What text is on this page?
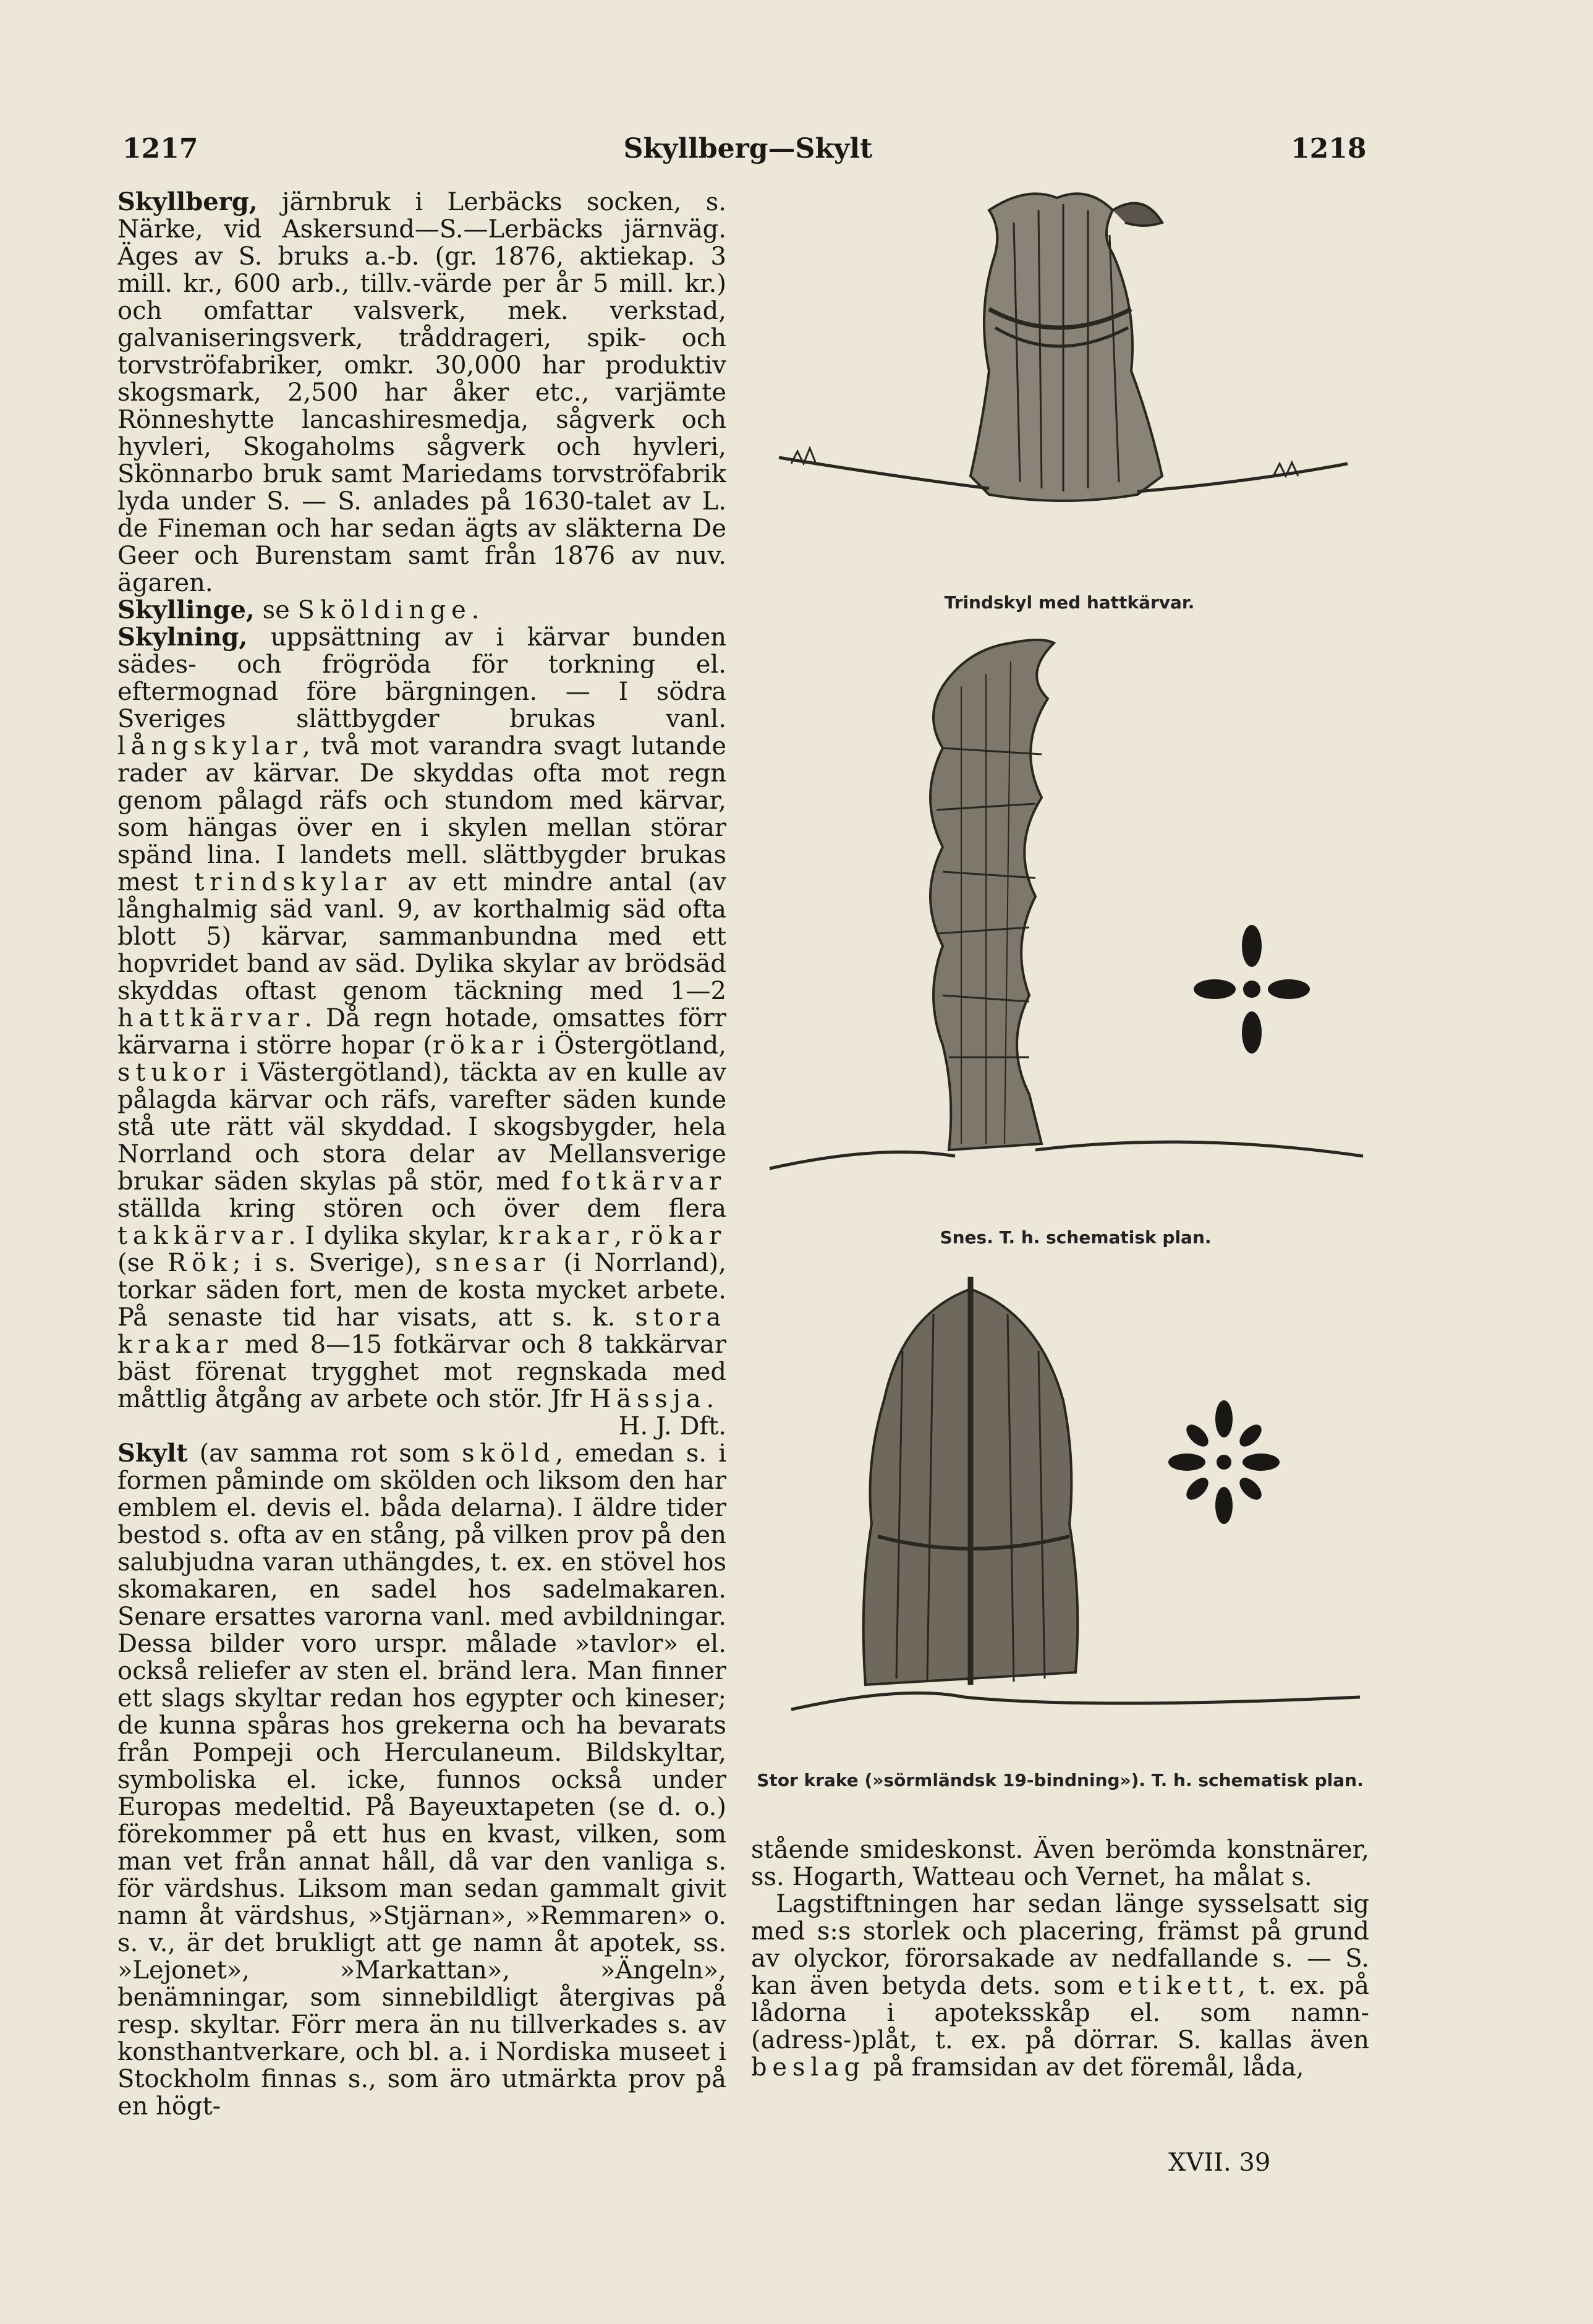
1217	Skyllberg—Skylt	1218

Skyllberg, järnbruk i Lerbäcks socken, s. Närke, vid Askersund—S.—Lerbäcks järnväg. Äges av S. bruks a.-b. (gr. 1876, aktiekap. 3 mill. kr., 600 arb., tillv.-värde per år 5 mill. kr.) och omfattar valsverk, mek. verkstad, galvaniseringsverk, tråddrageri, spik- och torvströfabriker, omkr. 30,000 har produktiv skogsmark, 2,500 har åker etc., varjämte Rönneshytte lancashiresmedja, sågverk och hyvleri, Skogaholms sågverk och hyvleri, Skönnarbo bruk samt Mariedams torvströfabrik lyda under S. — S. anlades på 1630-talet av L. de Fineman och har sedan ägts av släkterna De Geer och Burenstam samt från 1876 av nuv. ägaren.

Skyllinge, se Sköldinge.

Skylning, uppsättning av i kärvar bunden sädes- och frögröda för torkning el. eftermognad före bärgningen. — I södra Sveriges slättbygder brukas vanl. långskylar, två mot varandra svagt lutande rader av kärvar. De skyddas ofta mot regn genom pålagd räfs och stundom med kärvar, som hängas över en i skylen mellan störar spänd lina. I landets mell. slättbygder brukas mest trindskylar av ett mindre antal (av långhalmig säd vanl. 9, av korthalmig säd ofta blott 5) kärvar, sammanbundna med ett hopvridet band av säd. Dylika skylar av brödsäd skyddas oftast genom täckning med 1—2 hattkärvar. Då regn hotade, omsattes förr kärvarna i större hopar (rökar i Östergötland, stukor i Västergötland), täckta av en kulle av pålagda kärvar och räfs, varefter säden kunde stå ute rätt väl skyddad. I skogsbygder, hela Norrland och stora delar av Mellansverige brukar säden skylas på stör, med fotkärvar ställda kring stören och över dem flera takkärvar. I dylika skylar, krakar, rökar (se Rök; i s. Sverige), snesar (i Norrland), torkar säden fort, men de kosta mycket arbete. På senaste tid har visats, att s. k. stora krakar med 8—15 fotkärvar och 8 takkärvar bäst förenat trygghet mot regnskada med måttlig åtgång av arbete och stör. Jfr Hässja.
H. J. Dft.

Skylt (av samma rot som sköld, emedan s. i formen påminde om skölden och liksom den har emblem el. devis el. båda delarna). I äldre tider bestod s. ofta av en stång, på vilken prov på den salubjudna varan uthängdes, t. ex. en stövel hos skomakaren, en sadel hos sadelmakaren. Senare ersattes varorna vanl. med avbildningar. Dessa bilder voro urspr. målade »tavlor» el. också reliefer av sten el. bränd lera. Man finner ett slags skyltar redan hos egypter och kineser; de kunna spåras hos grekerna och ha bevarats från Pompeji och Herculaneum. Bildskyltar, symboliska el. icke, funnos också under Europas medeltid. På Bayeuxtapeten (se d. o.) förekommer på ett hus en kvast, vilken, som man vet från annat håll, då var den vanliga s. för värdshus. Liksom man sedan gammalt givit namn åt värdshus, »Stjärnan», »Remmaren» o. s. v., är det brukligt att ge namn åt apotek, ss. »Lejonet», »Markattan», »Ängeln», benämningar, som sinnebildligt återgivas på resp. skyltar. Förr mera än nu tillverkades s. av konsthantverkare, och bl. a. i Nordiska museet i Stockholm finnas s., som äro utmärkta prov på en högt-

Trindskyl med hattkärvar.
Snes. T. h. schematisk plan.
Stor krake (»sörmländsk 19-bindning»). T. h. schematisk plan.

stående smideskonst. Även berömda konstnärer, ss. Hogarth, Watteau och Vernet, ha målat s.

Lagstiftningen har sedan länge sysselsatt sig med s:s storlek och placering, främst på grund av olyckor, förorsakade av nedfallande s. — S. kan även betyda dets. som etikett, t. ex. på lådorna i apoteksskåp el. som namn-(adress-)plåt, t. ex. på dörrar. S. kallas även beslag på framsidan av det föremål, låda,

XVII. 39
